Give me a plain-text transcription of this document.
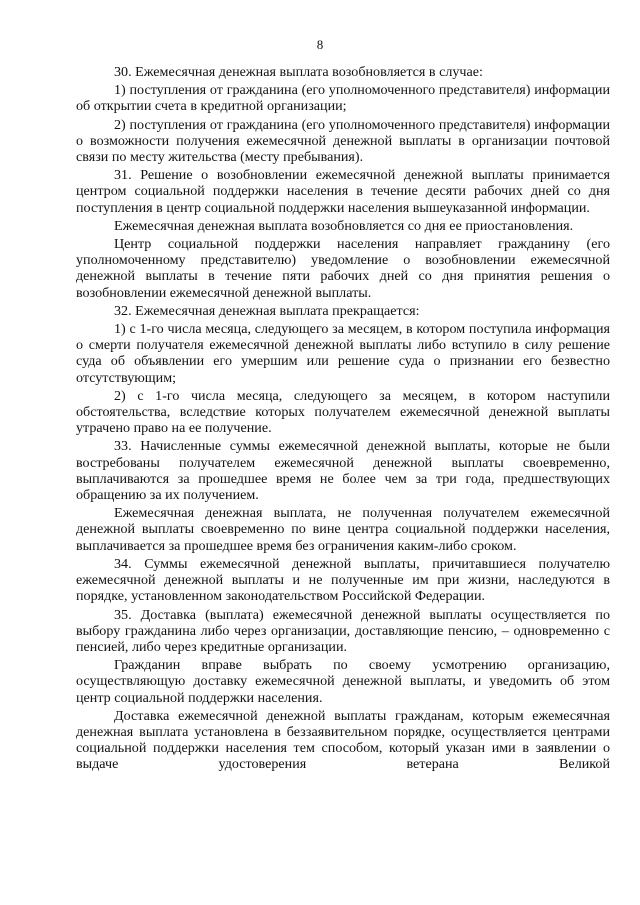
8

30. Ежемесячная денежная выплата возобновляется в случае:

1) поступления от гражданина (его уполномоченного представителя) информации об открытии счета в кредитной организации;

2) поступления от гражданина (его уполномоченного представителя) информации о возможности получения ежемесячной денежной выплаты в организации почтовой связи по месту жительства (месту пребывания).

31. Решение о возобновлении ежемесячной денежной выплаты принимается центром социальной поддержки населения в течение десяти рабочих дней со дня поступления в центр социальной поддержки населения вышеуказанной информации.

Ежемесячная денежная выплата возобновляется со дня ее приостановления.

Центр социальной поддержки населения направляет гражданину (его уполномоченному представителю) уведомление о возобновлении ежемесячной денежной выплаты в течение пяти рабочих дней со дня принятия решения о возобновлении ежемесячной денежной выплаты.

32. Ежемесячная денежная выплата прекращается:

1) с 1-го числа месяца, следующего за месяцем, в котором поступила информация о смерти получателя ежемесячной денежной выплаты либо вступило в силу решение суда об объявлении его умершим или решение суда о признании его безвестно отсутствующим;

2) с 1-го числа месяца, следующего за месяцем, в котором наступили обстоятельства, вследствие которых получателем ежемесячной денежной выплаты утрачено право на ее получение.

33. Начисленные суммы ежемесячной денежной выплаты, которые не были востребованы получателем ежемесячной денежной выплаты своевременно, выплачиваются за прошедшее время не более чем за три года, предшествующих обращению за их получением.

Ежемесячная денежная выплата, не полученная получателем ежемесячной денежной выплаты своевременно по вине центра социальной поддержки населения, выплачивается за прошедшее время без ограничения каким-либо сроком.

34. Суммы ежемесячной денежной выплаты, причитавшиеся получателю ежемесячной денежной выплаты и не полученные им при жизни, наследуются в порядке, установленном законодательством Российской Федерации.

35. Доставка (выплата) ежемесячной денежной выплаты осуществляется по выбору гражданина либо через организации, доставляющие пенсию, – одновременно с пенсией, либо через кредитные организации.

Гражданин вправе выбрать по своему усмотрению организацию, осуществляющую доставку ежемесячной денежной выплаты, и уведомить об этом центр социальной поддержки населения.

Доставка ежемесячной денежной выплаты гражданам, которым ежемесячная денежная выплата установлена в беззаявительном порядке, осуществляется центрами социальной поддержки населения тем способом, который указан ими в заявлении о выдаче удостоверения ветерана Великой
